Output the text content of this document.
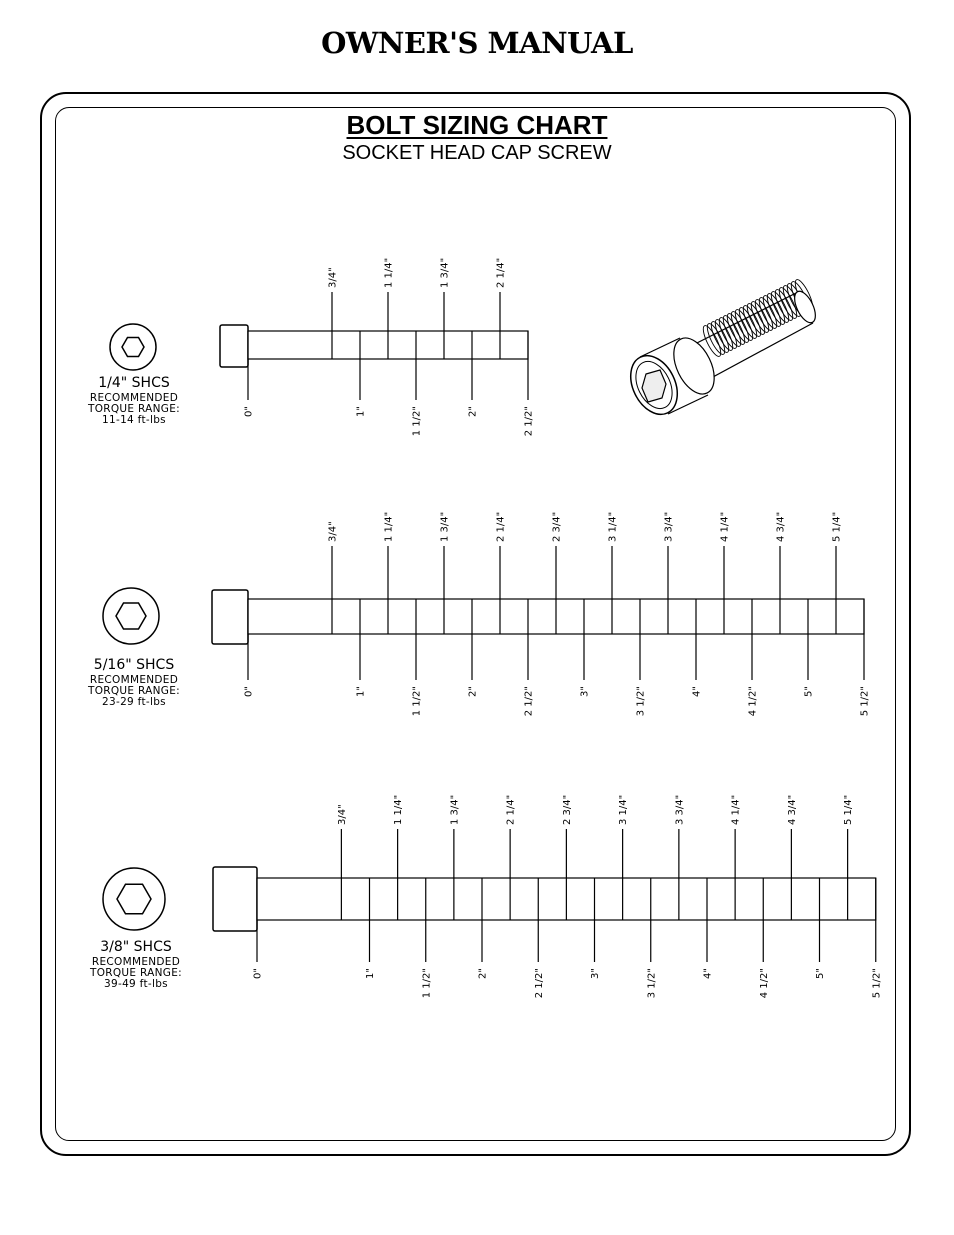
OWNER'S MANUAL
BOLT SIZING CHART
SOCKET HEAD CAP SCREW
1/4" SHCS
RECOMMENDED
TORQUE RANGE:
11-14 ft-lbs
5/16" SHCS
RECOMMENDED
TORQUE RANGE:
23-29 ft-lbs
3/8" SHCS
RECOMMENDED
TORQUE RANGE:
39-49 ft-lbs
3/4"	1 1/4"	1 3/4"	2 1/4"
0"	1"	1 1/2"	2"	2 1/2"
3/4"	1 1/4"	1 3/4"	2 1/4"	2 3/4"	3 1/4"	3 3/4"	4 1/4"	4 3/4"	5 1/4"
0"	1"	1 1/2"	2"	2 1/2"	3"	3 1/2"	4"	4 1/2"	5"	5 1/2"
3/4"	1 1/4"	1 3/4"	2 1/4"	2 3/4"	3 1/4"	3 3/4"	4 1/4"	4 3/4"	5 1/4"
0"	1"	1 1/2"	2"	2 1/2"	3"	3 1/2"	4"	4 1/2"	5"	5 1/2"
